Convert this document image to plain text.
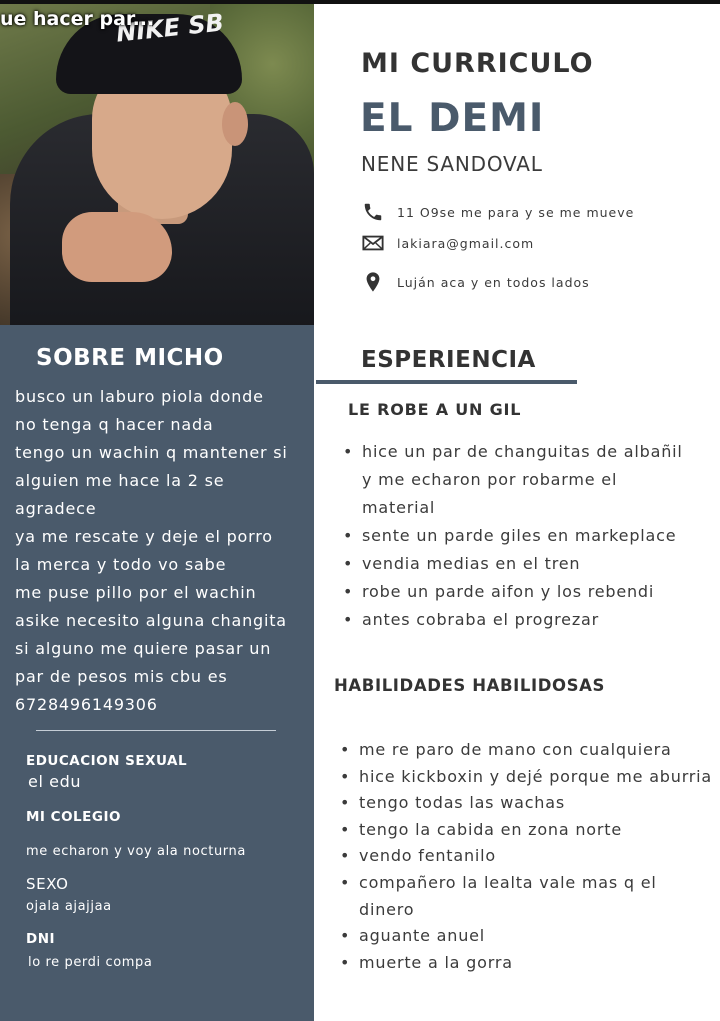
NIKE SB
ue hacer par...
SOBRE MICHO
busco un laburo piola donde
no tenga q hacer nada
tengo un wachin q mantener si
alguien me hace la 2 se
agradece
ya me rescate y deje el porro
la merca y todo vo sabe
me puse pillo por el wachin
asike necesito alguna changita
si alguno me quiere pasar un
par de pesos mis cbu es
6728496149306
EDUCACION SEXUAL
el edu
MI COLEGIO
me echaron y voy ala nocturna
SEXO
ojala ajajjaa
DNI
lo re perdi compa
MI CURRICULO
EL DEMI
NENE SANDOVAL
11 O9se me para y se me mueve
lakiara@gmail.com
Luján aca y en todos lados
ESPERIENCIA
LE ROBE A UN GIL
• hice un par de changuitas de albañil
y me echaron por robarme el
material
• sente un parde giles en markeplace
• vendia medias en el tren
• robe un parde aifon y los rebendi
• antes cobraba el progrezar
HABILIDADES HABILIDOSAS
• me re paro de mano con cualquiera
• hice kickboxin y dejé porque me aburria
• tengo todas las wachas
• tengo la cabida en zona norte
• vendo fentanilo
• compañero la lealta vale mas q el
dinero
• aguante anuel
• muerte a la gorra
